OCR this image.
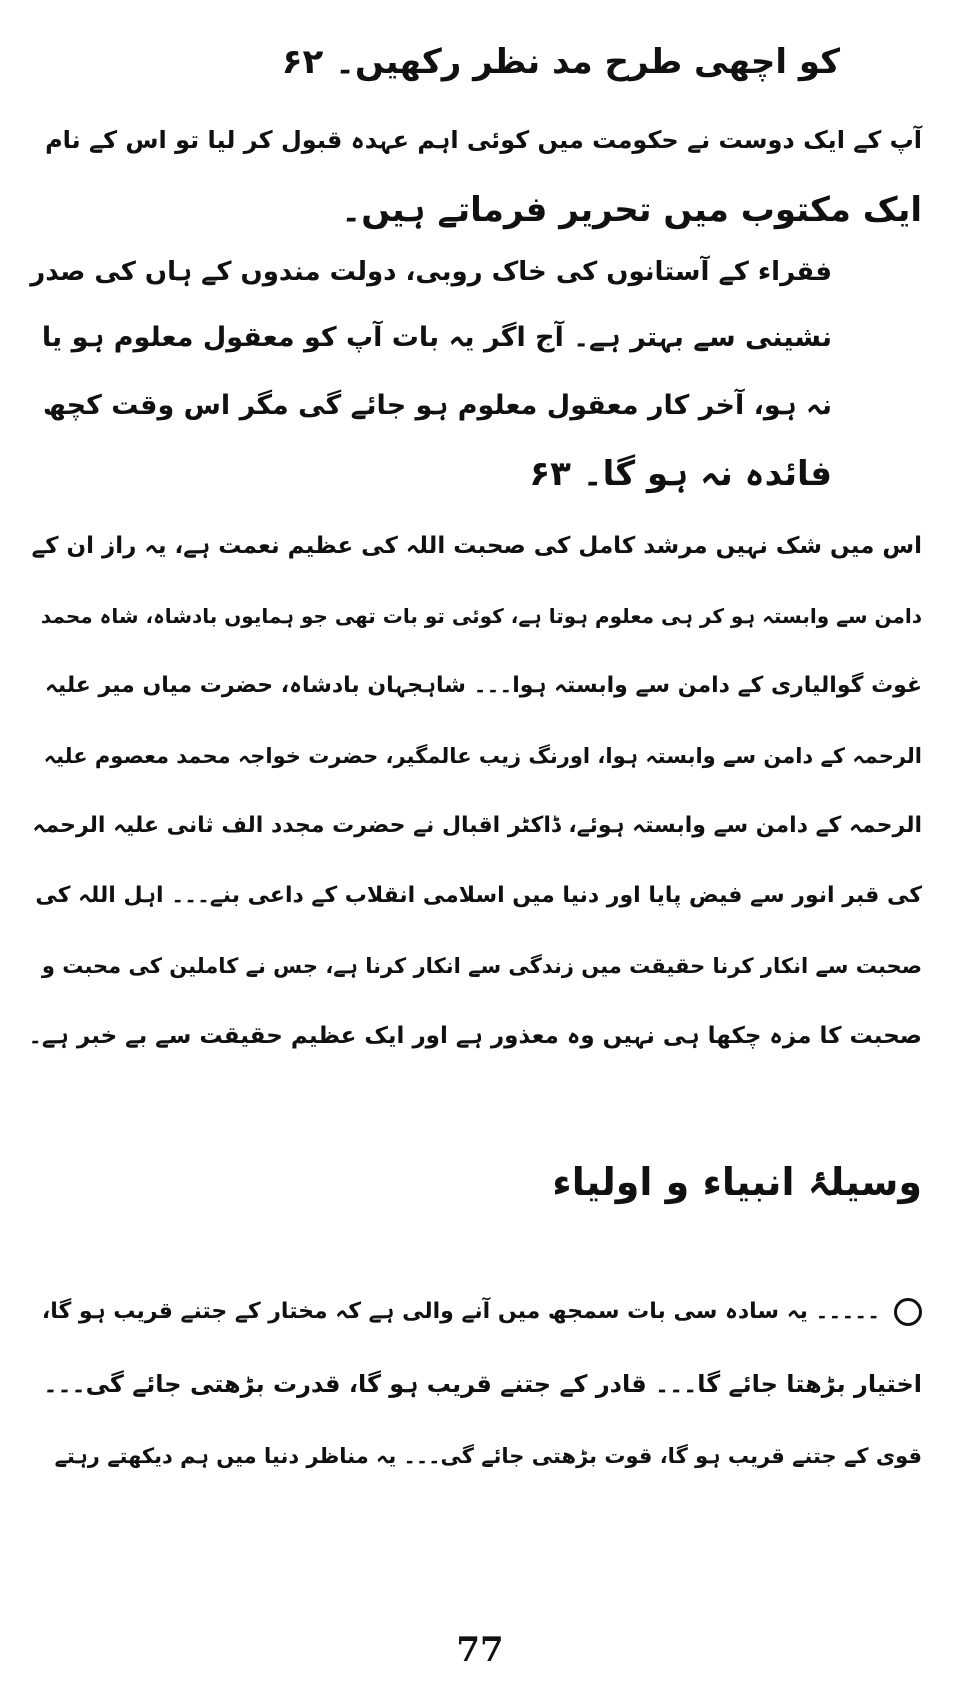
کو اچھی طرح مد نظر رکھیں۔ ۶۲
آپ کے ایک دوست نے حکومت میں کوئی اہم عہدہ قبول کر لیا تو اس کے نام
ایک مکتوب میں تحریر فرماتے ہیں۔
فقراء کے آستانوں کی خاک روبی، دولت مندوں کے ہاں کی صدر
نشینی سے بہتر ہے۔ آج اگر یہ بات آپ کو معقول معلوم ہو یا
نہ ہو، آخر کار معقول معلوم ہو جائے گی مگر اس وقت کچھ
فائدہ نہ ہو گا۔ ۶۳
اس میں شک نہیں مرشد کامل کی صحبت اللہ کی عظیم نعمت ہے، یہ راز ان کے
دامن سے وابستہ ہو کر ہی معلوم ہوتا ہے، کوئی تو بات تھی جو ہمایوں بادشاہ، شاہ محمد
غوث گوالیاری کے دامن سے وابستہ ہوا۔۔۔ شاہجہان بادشاہ، حضرت میاں میر علیہ
الرحمہ کے دامن سے وابستہ ہوا، اورنگ زیب عالمگیر، حضرت خواجہ محمد معصوم علیہ
الرحمہ کے دامن سے وابستہ ہوئے، ڈاکٹر اقبال نے حضرت مجدد الف ثانی علیہ الرحمہ
کی قبر انور سے فیض پایا اور دنیا میں اسلامی انقلاب کے داعی بنے۔۔۔ اہل اللہ کی
صحبت سے انکار کرنا حقیقت میں زندگی سے انکار کرنا ہے، جس نے کاملین کی محبت و
صحبت کا مزہ چکھا ہی نہیں وہ معذور ہے اور ایک عظیم حقیقت سے بے خبر ہے۔
وسیلۂ انبیاء و اولیاء
۔۔۔۔۔ یہ سادہ سی بات سمجھ میں آنے والی ہے کہ مختار کے جتنے قریب ہو گا،
اختیار بڑھتا جائے گا۔۔۔ قادر کے جتنے قریب ہو گا، قدرت بڑھتی جائے گی۔۔۔
قوی کے جتنے قریب ہو گا، قوت بڑھتی جائے گی۔۔۔ یہ مناظر دنیا میں ہم دیکھتے رہتے
77
